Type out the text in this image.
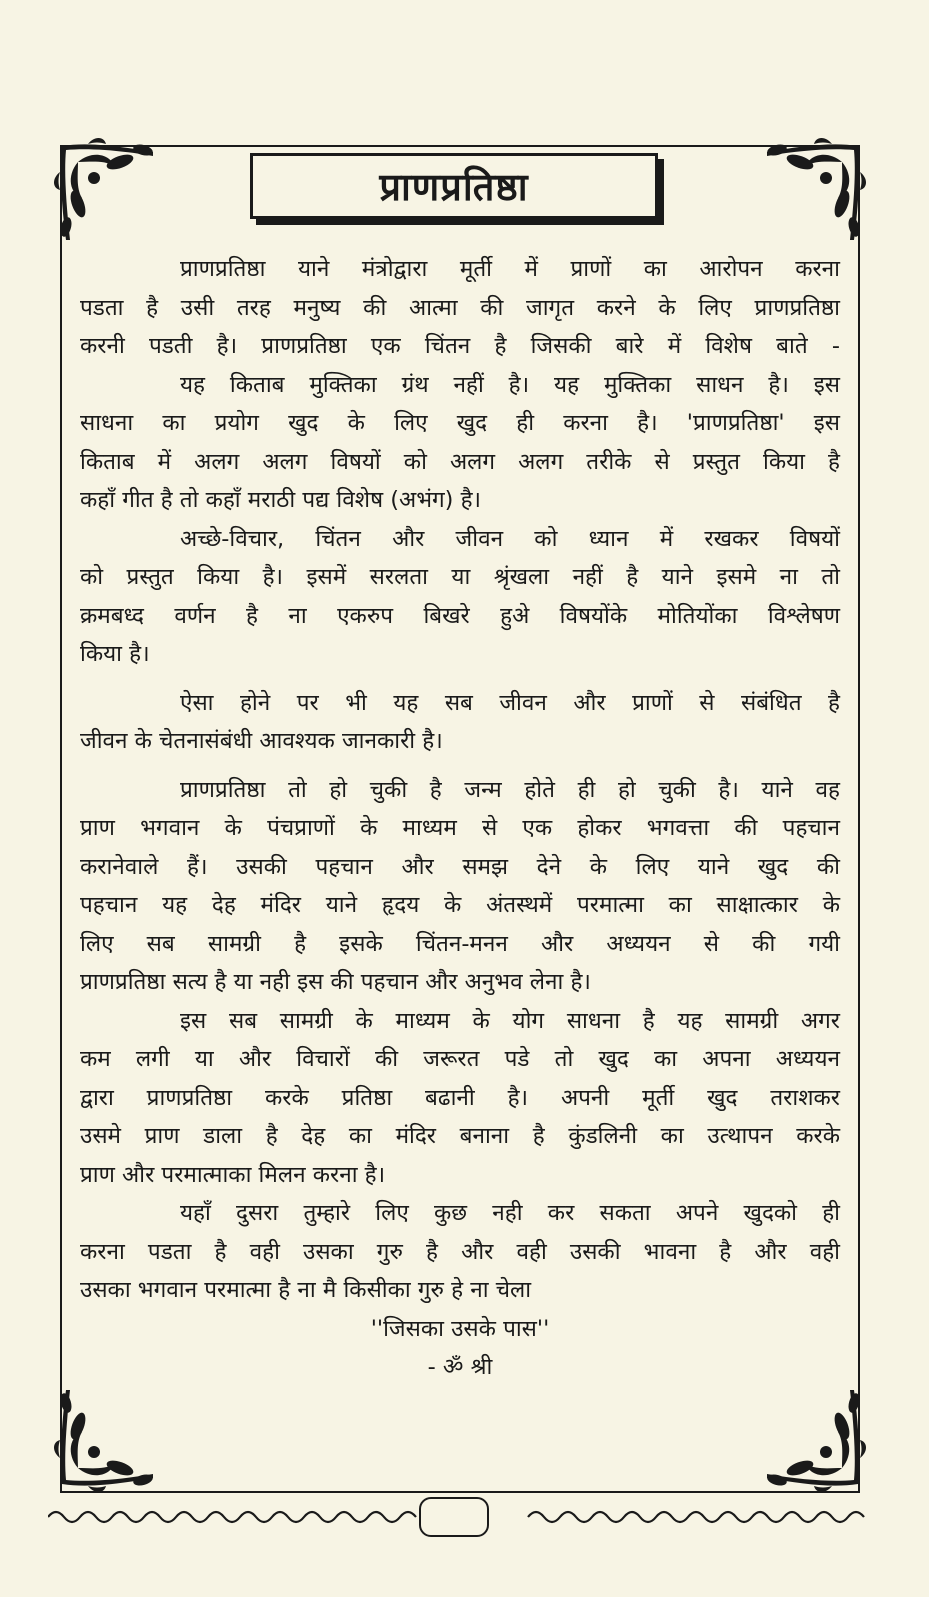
प्राणप्रतिष्ठा
प्राणप्रतिष्ठा याने मंत्रोद्वारा मूर्ती में प्राणों का आरोपन करना
पडता है उसी तरह मनुष्य की आत्मा की जागृत करने के लिए प्राणप्रतिष्ठा
करनी पडती है। प्राणप्रतिष्ठा एक चिंतन है जिसकी बारे में विशेष बाते -
यह किताब मुक्तिका ग्रंथ नहीं है। यह मुक्तिका साधन है। इस
साधना का प्रयोग खुद के लिए खुद ही करना है। 'प्राणप्रतिष्ठा' इस
किताब में अलग अलग विषयों को अलग अलग तरीके से प्रस्तुत किया है
कहाँ गीत है तो कहाँ मराठी पद्य विशेष (अभंग) है।
अच्छे-विचार, चिंतन और जीवन को ध्यान में रखकर विषयों
को प्रस्तुत किया है। इसमें सरलता या श्रृंखला नहीं है याने इसमे ना तो
क्रमबध्द वर्णन है ना एकरुप बिखरे हुअे विषयोंके मोतियोंका विश्लेषण
किया है।
ऐसा होने पर भी यह सब जीवन और प्राणों से संबंधित है
जीवन के चेतनासंबंधी आवश्यक जानकारी है।
प्राणप्रतिष्ठा तो हो चुकी है जन्म होते ही हो चुकी है। याने वह
प्राण भगवान के पंचप्राणों के माध्यम से एक होकर भगवत्ता की पहचान
करानेवाले हैं। उसकी पहचान और समझ देने के लिए याने खुद की
पहचान यह देह मंदिर याने हृदय के अंतस्थमें परमात्मा का साक्षात्कार के
लिए सब सामग्री है इसके चिंतन-मनन और अध्ययन से की गयी
प्राणप्रतिष्ठा सत्य है या नही इस की पहचान और अनुभव लेना है।
इस सब सामग्री के माध्यम के योग साधना है यह सामग्री अगर
कम लगी या और विचारों की जरूरत पडे तो खुद का अपना अध्ययन
द्वारा प्राणप्रतिष्ठा करके प्रतिष्ठा बढानी है। अपनी मूर्ती खुद तराशकर
उसमे प्राण डाला है देह का मंदिर बनाना है कुंडलिनी का उत्थापन करके
प्राण और परमात्माका मिलन करना है।
यहाँ दुसरा तुम्हारे लिए कुछ नही कर सकता अपने खुदको ही
करना पडता है वही उसका गुरु है और वही उसकी भावना है और वही
उसका भगवान परमात्मा है ना मै किसीका गुरु हे ना चेला
''जिसका उसके पास''
- ॐ श्री
